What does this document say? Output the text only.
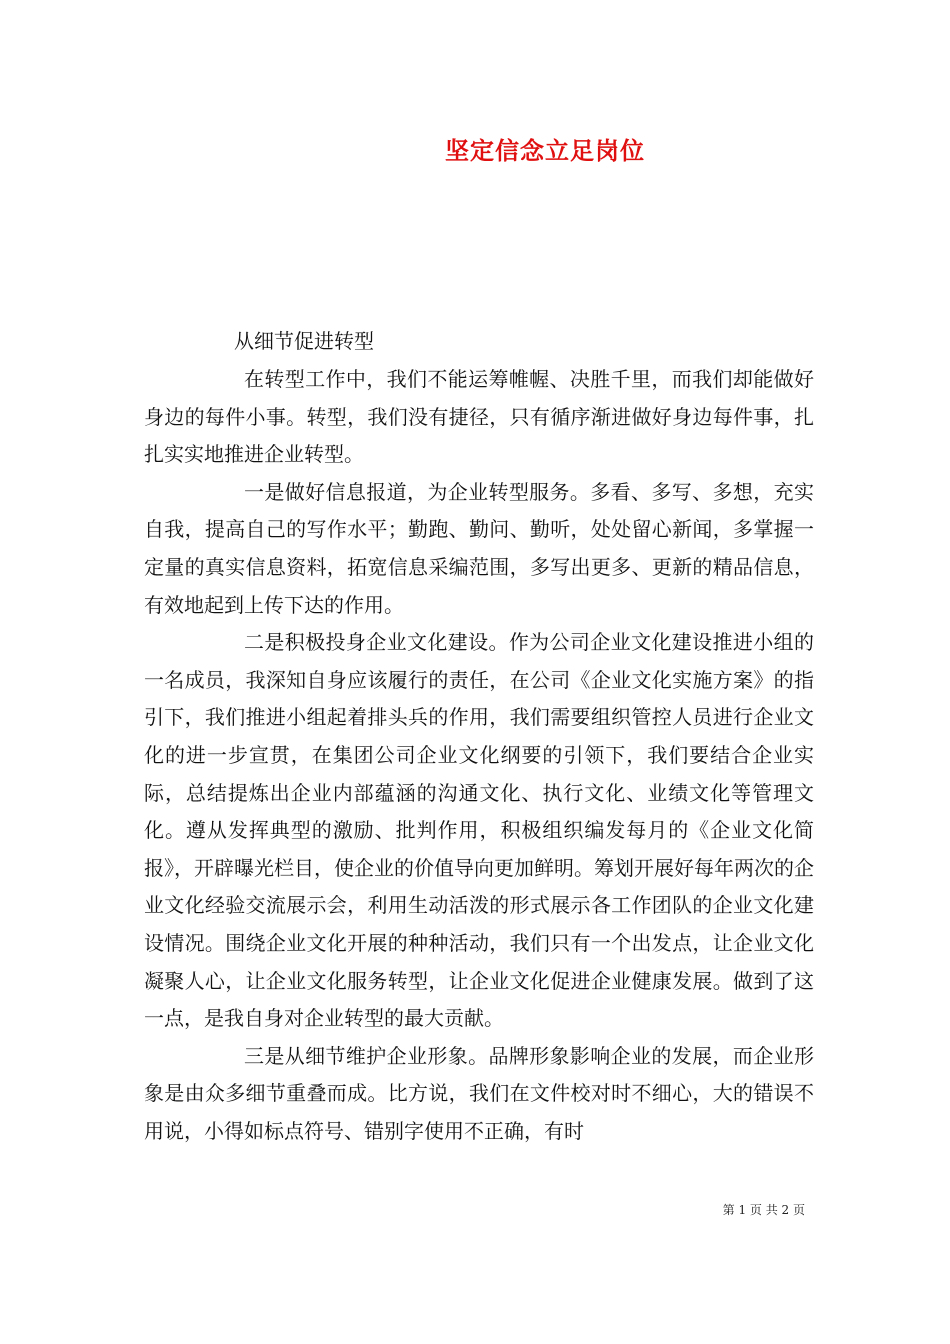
坚定信念立足岗位
从细节促进转型

在转型工作中，我们不能运筹帷幄、决胜千里，而我们却能做好身边的每件小事。转型，我们没有捷径，只有循序渐进做好身边每件事，扎扎实实地推进企业转型。

一是做好信息报道，为企业转型服务。多看、多写、多想，充实自我，提高自己的写作水平；勤跑、勤问、勤听，处处留心新闻，多掌握一定量的真实信息资料，拓宽信息采编范围，多写出更多、更新的精品信息，有效地起到上传下达的作用。

二是积极投身企业文化建设。作为公司企业文化建设推进小组的一名成员，我深知自身应该履行的责任，在公司《企业文化实施方案》的指引下，我们推进小组起着排头兵的作用，我们需要组织管控人员进行企业文化的进一步宣贯，在集团公司企业文化纲要的引领下，我们要结合企业实际，总结提炼出企业内部蕴涵的沟通文化、执行文化、业绩文化等管理文化。遵从发挥典型的激励、批判作用，积极组织编发每月的《企业文化简报》，开辟曝光栏目，使企业的价值导向更加鲜明。筹划开展好每年两次的企业文化经验交流展示会，利用生动活泼的形式展示各工作团队的企业文化建设情况。围绕企业文化开展的种种活动，我们只有一个出发点，让企业文化凝聚人心，让企业文化服务转型，让企业文化促进企业健康发展。做到了这一点，是我自身对企业转型的最大贡献。

三是从细节维护企业形象。品牌形象影响企业的发展，而企业形象是由众多细节重叠而成。比方说，我们在文件校对时不细心，大的错误不用说，小得如标点符号、错别字使用不正确，有时

第 1 页 共 2 页
